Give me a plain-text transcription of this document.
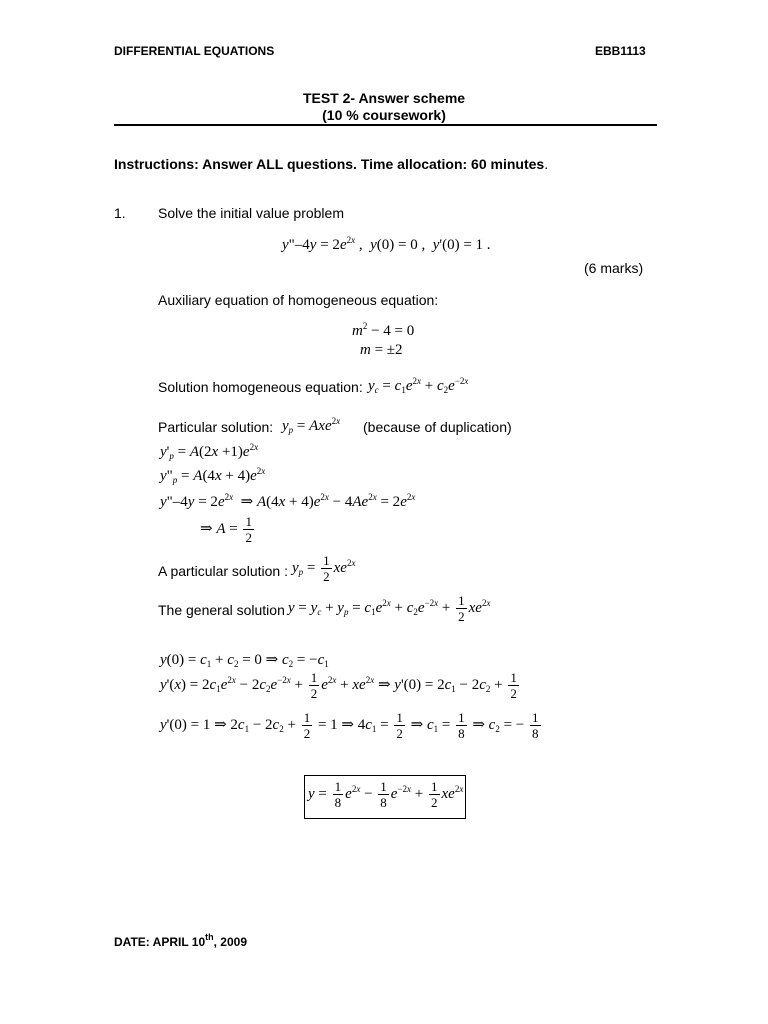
DIFFERENTIAL EQUATIONS	EBB1113
TEST 2- Answer scheme
(10 % coursework)
Instructions: Answer ALL questions. Time allocation: 60 minutes.
1. Solve the initial value problem
y"–4y = $2e^{2x}$ ,  y(0) = 0 ,  y'(0) = 1 .
(6 marks)
Auxiliary equation of homogeneous equation:
$m^2 - 4 = 0$
m = ±2
Solution homogeneous equation: $y_c = c_1e^{2x} + c_2e^{-2x}$
Particular solution: $y_p = Axe^{2x}$ (because of duplication)
$y'_p = A(2x +1)e^{2x}$
$y"_p = A(4x + 4)e^{2x}$
y"–4y = $2e^{2x}$  ⇒ $A(4x + 4)e^{2x} - 4Ae^{2x} = 2e^{2x}$
⇒ $A = \frac{1}{2}$
A particular solution : $y_p = \frac{1}{2} xe^{2x}$
The general solution $y = y_c + y_p = c_1e^{2x} + c_2e^{-2x} + \frac{1}{2} xe^{2x}$
$y(0) = c_1 + c_2 = 0$ ⇒ $c_2 = -c_1$
$y'(x) = 2c_1e^{2x} - 2c_2e^{-2x} + \frac{1}{2} e^{2x} + xe^{2x}$ ⇒ $y'(0) = 2c_1 - 2c_2 + \frac{1}{2}$
y'(0) = 1 ⇒ $2c_1 - 2c_2 + \frac{1}{2} = 1$ ⇒ $4c_1 = \frac{1}{2}$ ⇒ $c_1 = \frac{1}{8}$ ⇒ $c_2$ = − $\frac{1}{8}$
$y = \frac{1}{8} e^{2x} - \frac{1}{8} e^{-2x} + \frac{1}{2} xe^{2x}$
DATE: APRIL 10th, 2009
